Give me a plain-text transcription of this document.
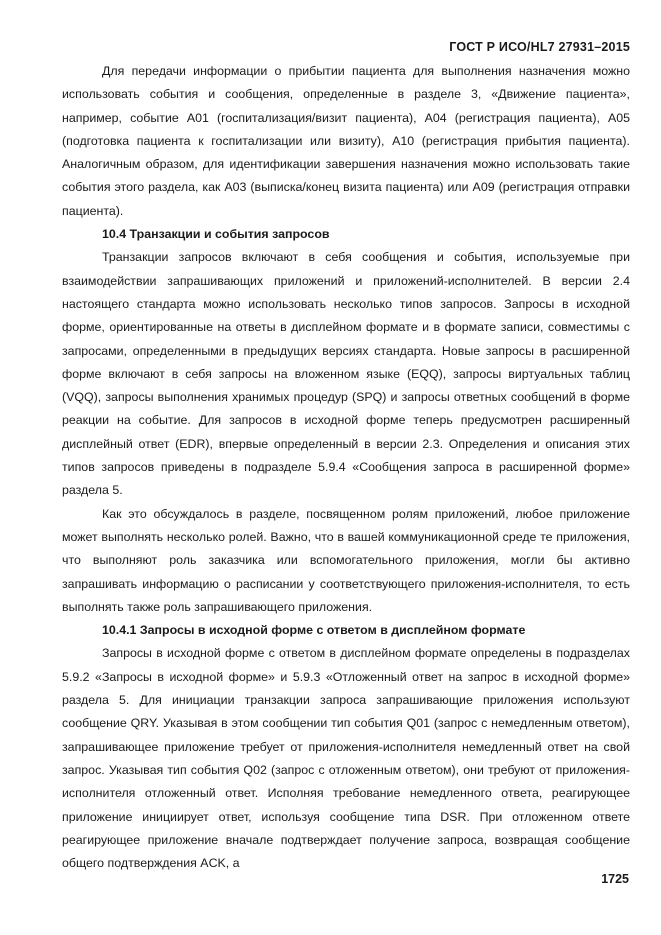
ГОСТ Р ИСО/HL7 27931–2015

Для передачи информации о прибытии пациента для выполнения назначения можно использовать события и сообщения, определенные в разделе 3, «Движение пациента», например, событие А01 (госпитализация/визит пациента), А04 (регистрация пациента), А05 (подготовка пациента к госпитализации или визиту), А10 (регистрация прибытия пациента). Аналогичным образом, для идентификации завершения назначения можно использовать такие события этого раздела, как А03 (выписка/конец визита пациента) или А09 (регистрация отправки пациента).

10.4 Транзакции и события запросов

Транзакции запросов включают в себя сообщения и события, используемые при взаимодействии запрашивающих приложений и приложений-исполнителей. В версии 2.4 настоящего стандарта можно использовать несколько типов запросов. Запросы в исходной форме, ориентированные на ответы в дисплейном формате и в формате записи, совместимы с запросами, определенными в предыдущих версиях стандарта. Новые запросы в расширенной форме включают в себя запросы на вложенном языке (EQQ), запросы виртуальных таблиц (VQQ), запросы выполнения хранимых процедур (SPQ) и запросы ответных сообщений в форме реакции на событие. Для запросов в исходной форме теперь предусмотрен расширенный дисплейный ответ (EDR), впервые определенный в версии 2.3. Определения и описания этих типов запросов приведены в подразделе 5.9.4 «Сообщения запроса в расширенной форме» раздела 5.

Как это обсуждалось в разделе, посвященном ролям приложений, любое приложение может выполнять несколько ролей. Важно, что в вашей коммуникационной среде те приложения, что выполняют роль заказчика или вспомогательного приложения, могли бы активно запрашивать информацию о расписании у соответствующего приложения-исполнителя, то есть выполнять также роль запрашивающего приложения.

10.4.1 Запросы в исходной форме с ответом в дисплейном формате

Запросы в исходной форме с ответом в дисплейном формате определены в подразделах 5.9.2 «Запросы в исходной форме» и 5.9.3 «Отложенный ответ на запрос в исходной форме» раздела 5. Для инициации транзакции запроса запрашивающие приложения используют сообщение QRY. Указывая в этом сообщении тип события Q01 (запрос с немедленным ответом), запрашивающее приложение требует от приложения-исполнителя немедленный ответ на свой запрос. Указывая тип события Q02 (запрос с отложенным ответом), они требуют от приложения-исполнителя отложенный ответ. Исполняя требование немедленного ответа, реагирующее приложение инициирует ответ, используя сообщение типа DSR. При отложенном ответе реагирующее приложение вначале подтверждает получение запроса, возвращая сообщение общего подтверждения ACK, а

1725
